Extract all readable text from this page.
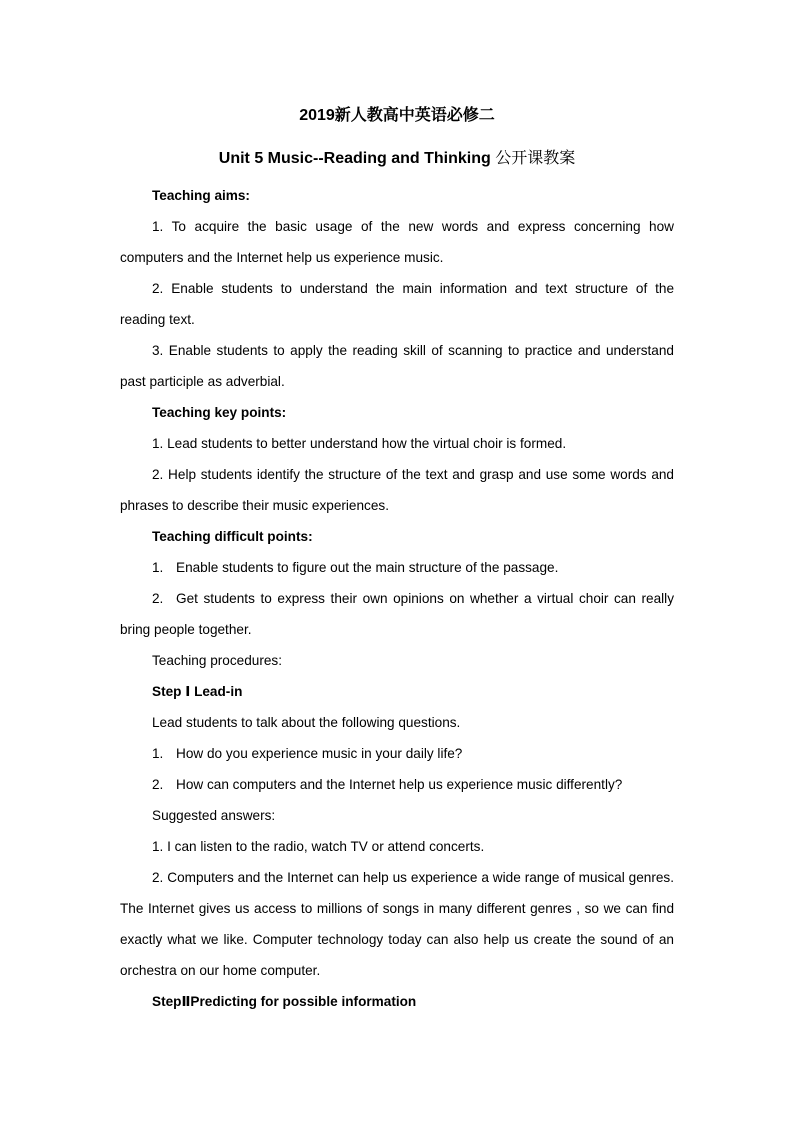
2019新人教高中英语必修二
Unit 5 Music--Reading and Thinking 公开课教案

Teaching aims:

1. To acquire the basic usage of the new words and express concerning how computers and the Internet help us experience music.

2. Enable students to understand the main information and text structure of the reading text.

3. Enable students to apply the reading skill of scanning to practice and understand past participle as adverbial.

Teaching key points:

1. Lead students to better understand how the virtual choir is formed.

2. Help students identify the structure of the text and grasp and use some words and phrases to describe their music experiences.

Teaching difficult points:

1. Enable students to figure out the main structure of the passage.

2. Get students to express their own opinions on whether a virtual choir can really bring people together.

Teaching procedures:

Step Ⅰ Lead-in

Lead students to talk about the following questions.

1. How do you experience music in your daily life?

2. How can computers and the Internet help us experience music differently?

Suggested answers:

1. I can listen to the radio, watch TV or attend concerts.

2. Computers and the Internet can help us experience a wide range of musical genres. The Internet gives us access to millions of songs in many different genres , so we can find exactly what we like. Computer technology today can also help us create the sound of an orchestra on our home computer.

StepⅡPredicting for possible information
